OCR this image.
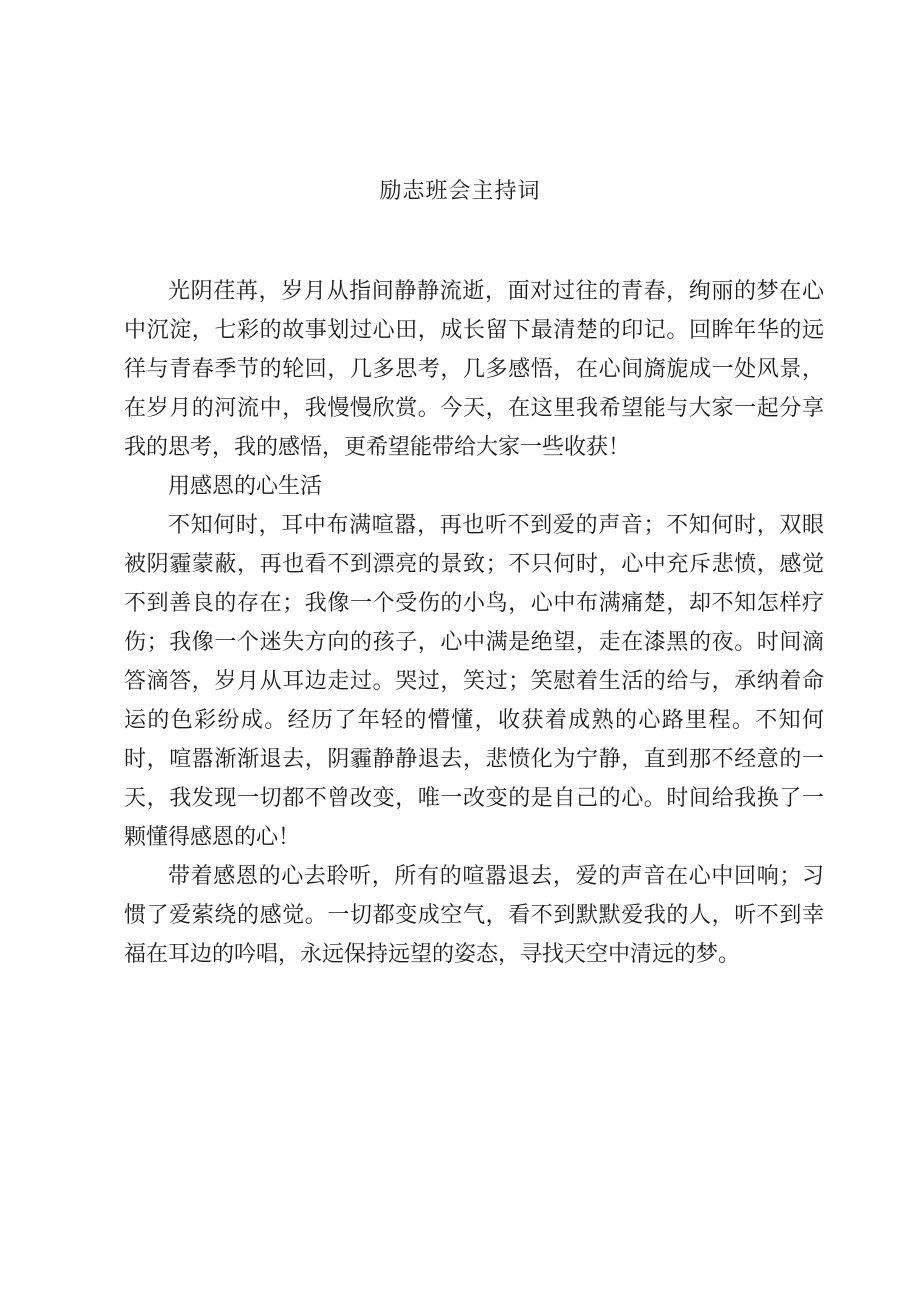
励志班会主持词

光阴荏苒，岁月从指间静静流逝，面对过往的青春，绚丽的梦在心中沉淀，七彩的故事划过心田，成长留下最清楚的印记。回眸年华的远徉与青春季节的轮回，几多思考，几多感悟，在心间旖旎成一处风景，在岁月的河流中，我慢慢欣赏。今天，在这里我希望能与大家一起分享我的思考，我的感悟，更希望能带给大家一些收获！

用感恩的心生活

不知何时，耳中布满喧嚣，再也听不到爱的声音；不知何时，双眼被阴霾蒙蔽，再也看不到漂亮的景致；不只何时，心中充斥悲愤，感觉不到善良的存在；我像一个受伤的小鸟，心中布满痛楚，却不知怎样疗伤；我像一个迷失方向的孩子，心中满是绝望，走在漆黑的夜。时间滴答滴答，岁月从耳边走过。哭过，笑过；笑慰着生活的给与，承纳着命运的色彩纷成。经历了年轻的懵懂，收获着成熟的心路里程。不知何时，喧嚣渐渐退去，阴霾静静退去，悲愤化为宁静，直到那不经意的一天，我发现一切都不曾改变，唯一改变的是自己的心。时间给我换了一颗懂得感恩的心！

带着感恩的心去聆听，所有的喧嚣退去，爱的声音在心中回响；习惯了爱萦绕的感觉。一切都变成空气，看不到默默爱我的人，听不到幸福在耳边的吟唱，永远保持远望的姿态，寻找天空中清远的梦。
